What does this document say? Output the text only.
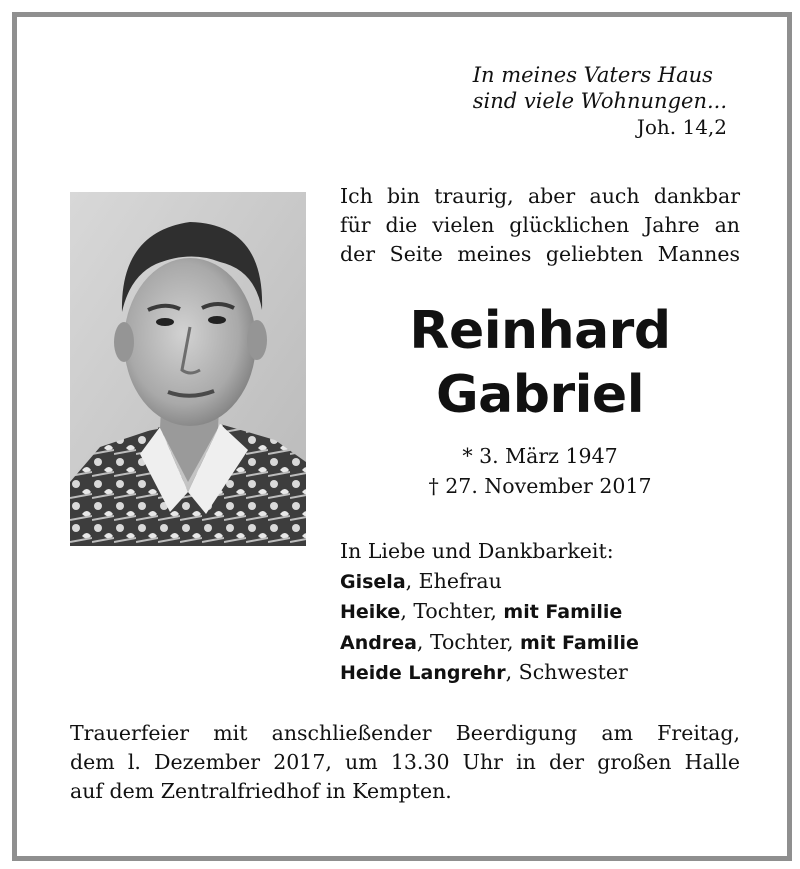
In meines Vaters Haus
sind viele Wohnungen...
Joh. 14,2
Ich bin traurig, aber auch dankbar
für die vielen glücklichen Jahre an
der Seite meines geliebten Mannes
Reinhard
Gabriel
* 3. März 1947
† 27. November 2017
In Liebe und Dankbarkeit:
Gisela, Ehefrau
Heike, Tochter, mit Familie
Andrea, Tochter, mit Familie
Heide Langrehr, Schwester
Trauerfeier mit anschließender Beerdigung am Freitag,
dem l. Dezember 2017, um 13.30 Uhr in der großen Halle
auf dem Zentralfriedhof in Kempten.
